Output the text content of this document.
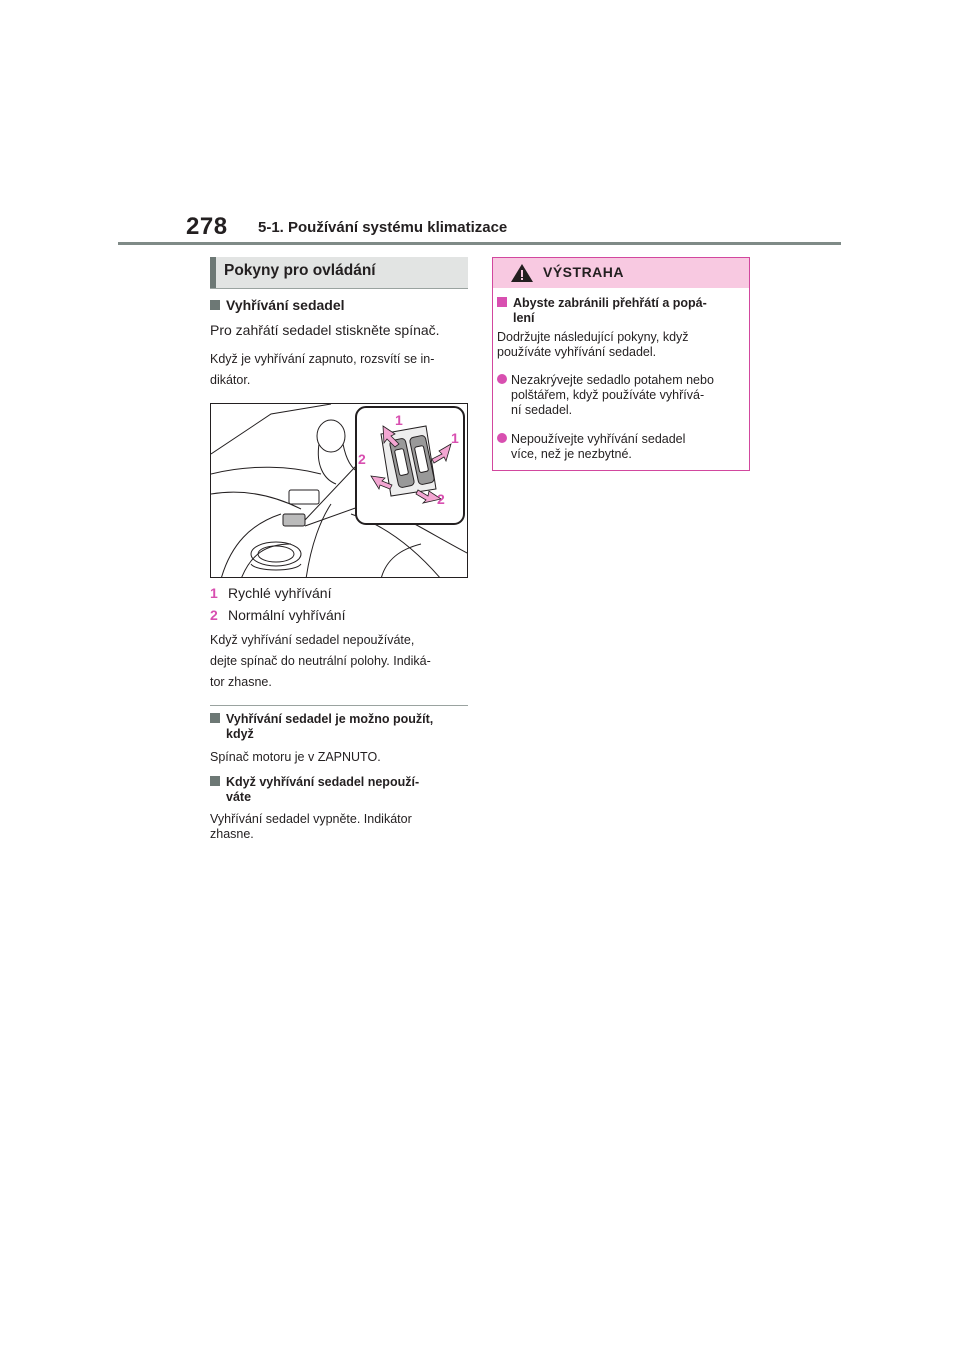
278 5-1. Používání systému klimatizace
Pokyny pro ovládání
Vyhřívání sedadel
Pro zahřátí sedadel stiskněte spínač.
Když je vyhřívání zapnuto, rozsvítí se in-
dikátor.
1
1
2
2
1 Rychlé vyhřívání
2 Normální vyhřívání
Když vyhřívání sedadel nepoužíváte,
dejte spínač do neutrální polohy. Indiká-
tor zhasne.
Vyhřívání sedadel je možno použít,
když
Spínač motoru je v ZAPNUTO.
Když vyhřívání sedadel nepouží-
váte
Vyhřívání sedadel vypněte. Indikátor
zhasne.
VÝSTRAHA
Abyste zabránili přehřátí a popá-
lení
Dodržujte následující pokyny, když
používáte vyhřívání sedadel.
Nezakrývejte sedadlo potahem nebo
polštářem, když používáte vyhřívá-
ní sedadel.
Nepoužívejte vyhřívání sedadel
více, než je nezbytné.
